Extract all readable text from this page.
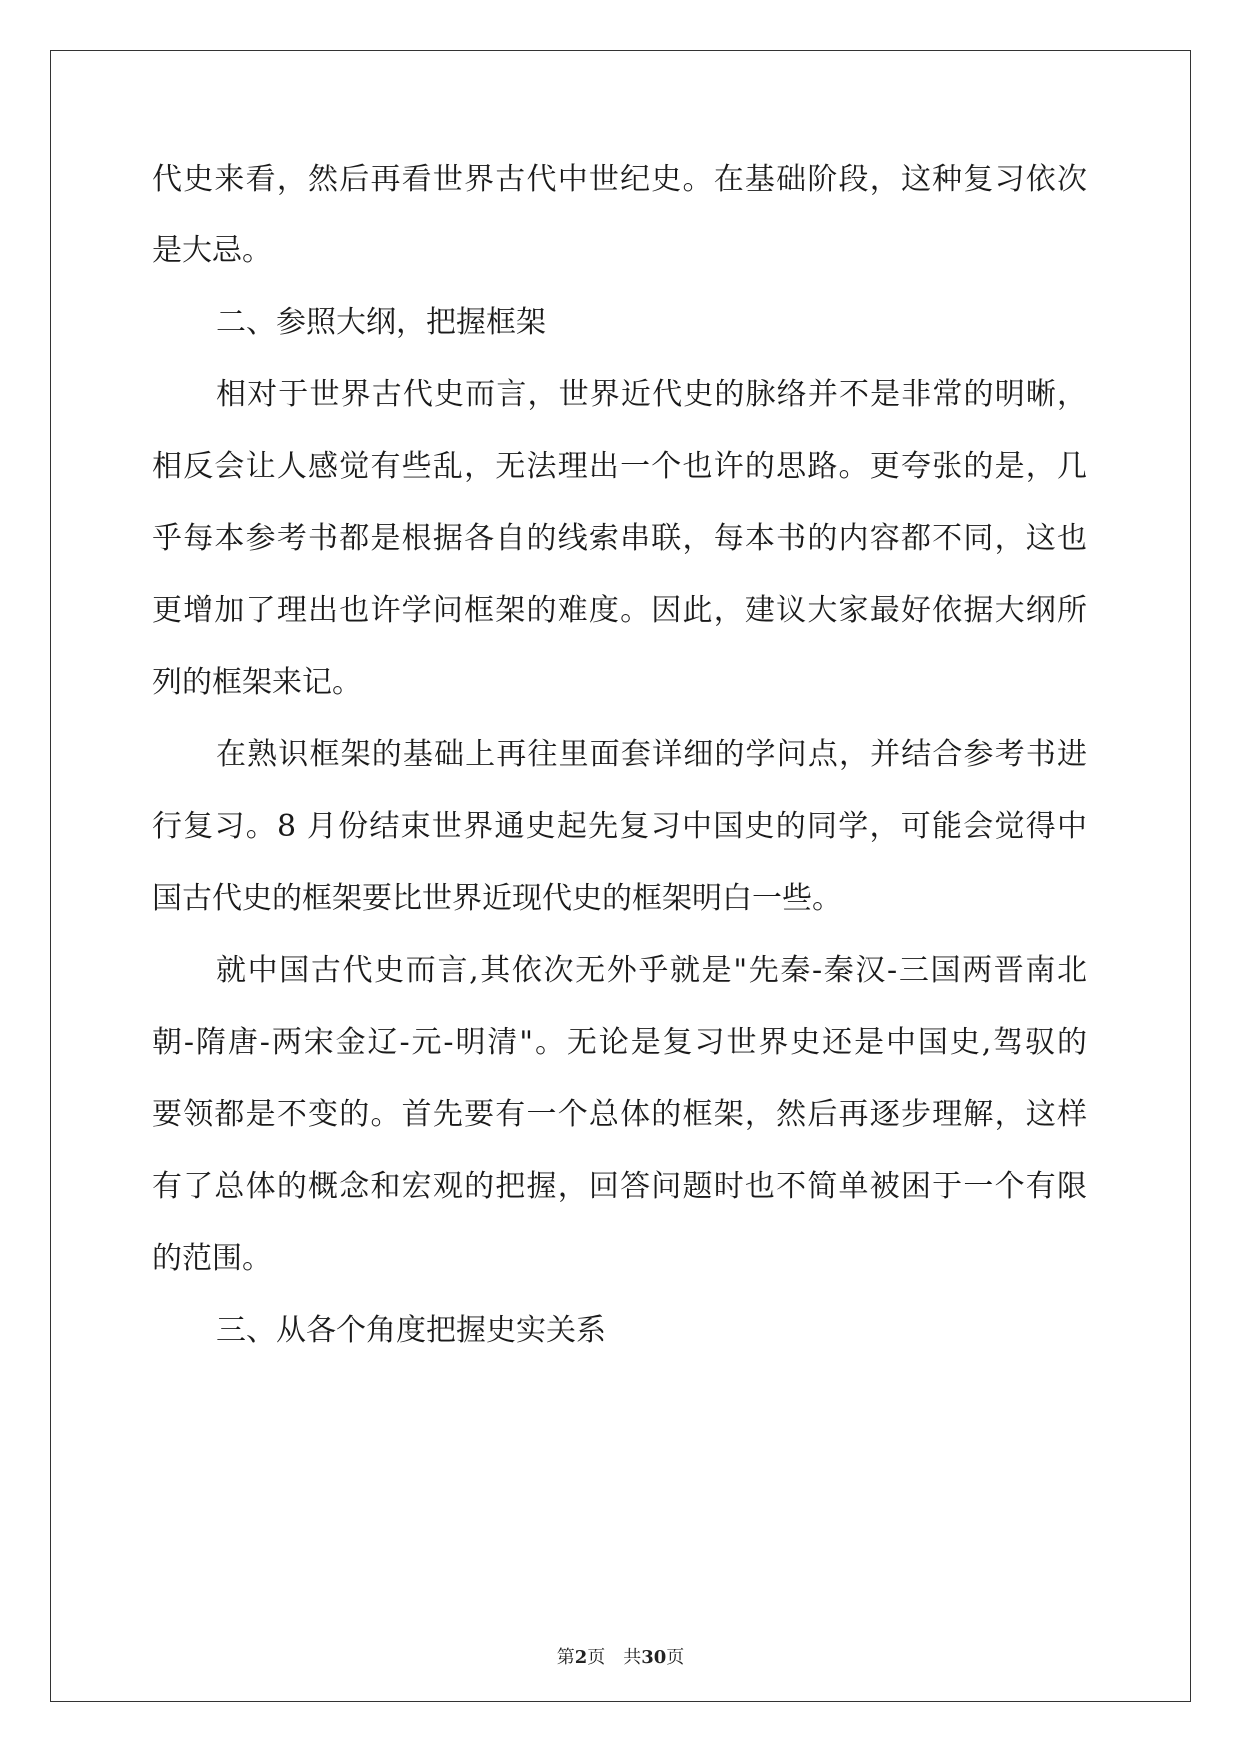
代史来看，然后再看世界古代中世纪史。在基础阶段，这种复习依次
是大忌。
二、参照大纲，把握框架
相对于世界古代史而言，世界近代史的脉络并不是非常的明晰，
相反会让人感觉有些乱，无法理出一个也许的思路。更夸张的是，几
乎每本参考书都是根据各自的线索串联，每本书的内容都不同，这也
更增加了理出也许学问框架的难度。因此，建议大家最好依据大纲所
列的框架来记。
在熟识框架的基础上再往里面套详细的学问点，并结合参考书进
行复习。8 月份结束世界通史起先复习中国史的同学，可能会觉得中
国古代史的框架要比世界近现代史的框架明白一些。
就中国古代史而言,其依次无外乎就是"先秦-秦汉-三国两晋南北
朝-隋唐-两宋金辽-元-明清"。无论是复习世界史还是中国史,驾驭的
要领都是不变的。首先要有一个总体的框架，然后再逐步理解，这样
有了总体的概念和宏观的把握，回答问题时也不简单被困于一个有限
的范围。
三、从各个角度把握史实关系
第2页 共30页
